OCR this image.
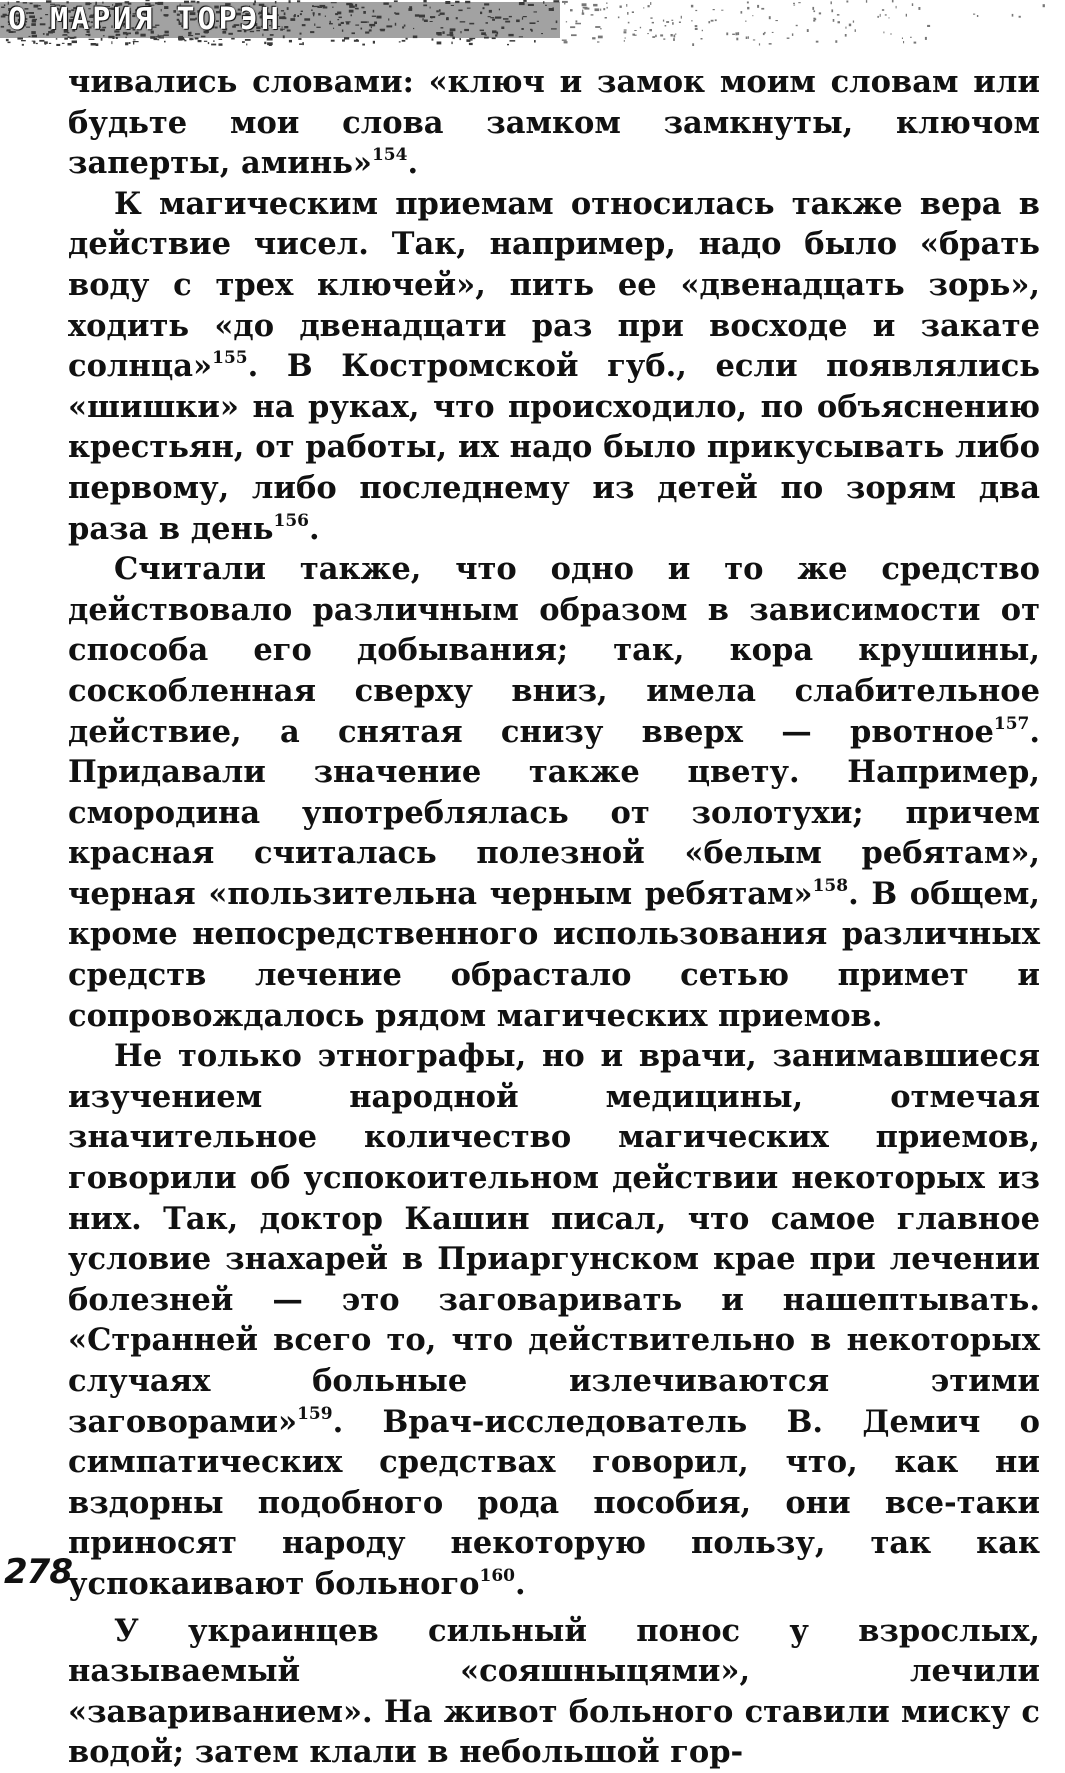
O МАРИЯ ТОРЭН

чивались словами: «ключ и замок моим словам или будьте мои слова замком замкнуты, ключом заперты, аминь»$^{154}$.

К магическим приемам относилась также вера в действие чисел. Так, например, надо было «брать воду с трех ключей», пить ее «двенадцать зорь», ходить «до двенадцати раз при восходе и закате солнца»$^{155}$. В Костромской губ., если появлялись «шишки» на руках, что происходило, по объяснению крестьян, от работы, их надо было прикусывать либо первому, либо последнему из детей по зорям два раза в день$^{156}$.

Считали также, что одно и то же средство действовало различным образом в зависимости от способа его добывания; так, кора крушины, соскобленная сверху вниз, имела слабительное действие, а снятая снизу вверх — рвотное$^{157}$. Придавали значение также цвету. Например, смородина употреблялась от золотухи; причем красная считалась полезной «белым ребятам», черная «пользительна черным ребятам»$^{158}$. В общем, кроме непосредственного использования различных средств лечение обрастало сетью примет и сопровождалось рядом магических приемов.

Не только этнографы, но и врачи, занимавшиеся изучением народной медицины, отмечая значительное количество магических приемов, говорили об успокоительном действии некоторых из них. Так, доктор Кашин писал, что самое главное условие знахарей в Приаргунском крае при лечении болезней — это заговаривать и нашептывать. «Странней всего то, что действительно в некоторых случаях больные излечиваются этими заговорами»$^{159}$. Врач-исследователь В. Демич о симпатических средствах говорил, что, как ни вздорны подобного рода пособия, они все-таки приносят народу некоторую пользу, так как успокаивают больного$^{160}$.

У украинцев сильный понос у взрослых, называемый «сояшныцями», лечили «завариванием». На живот больного ставили миску с водой; затем клали в небольшой гор-

278
